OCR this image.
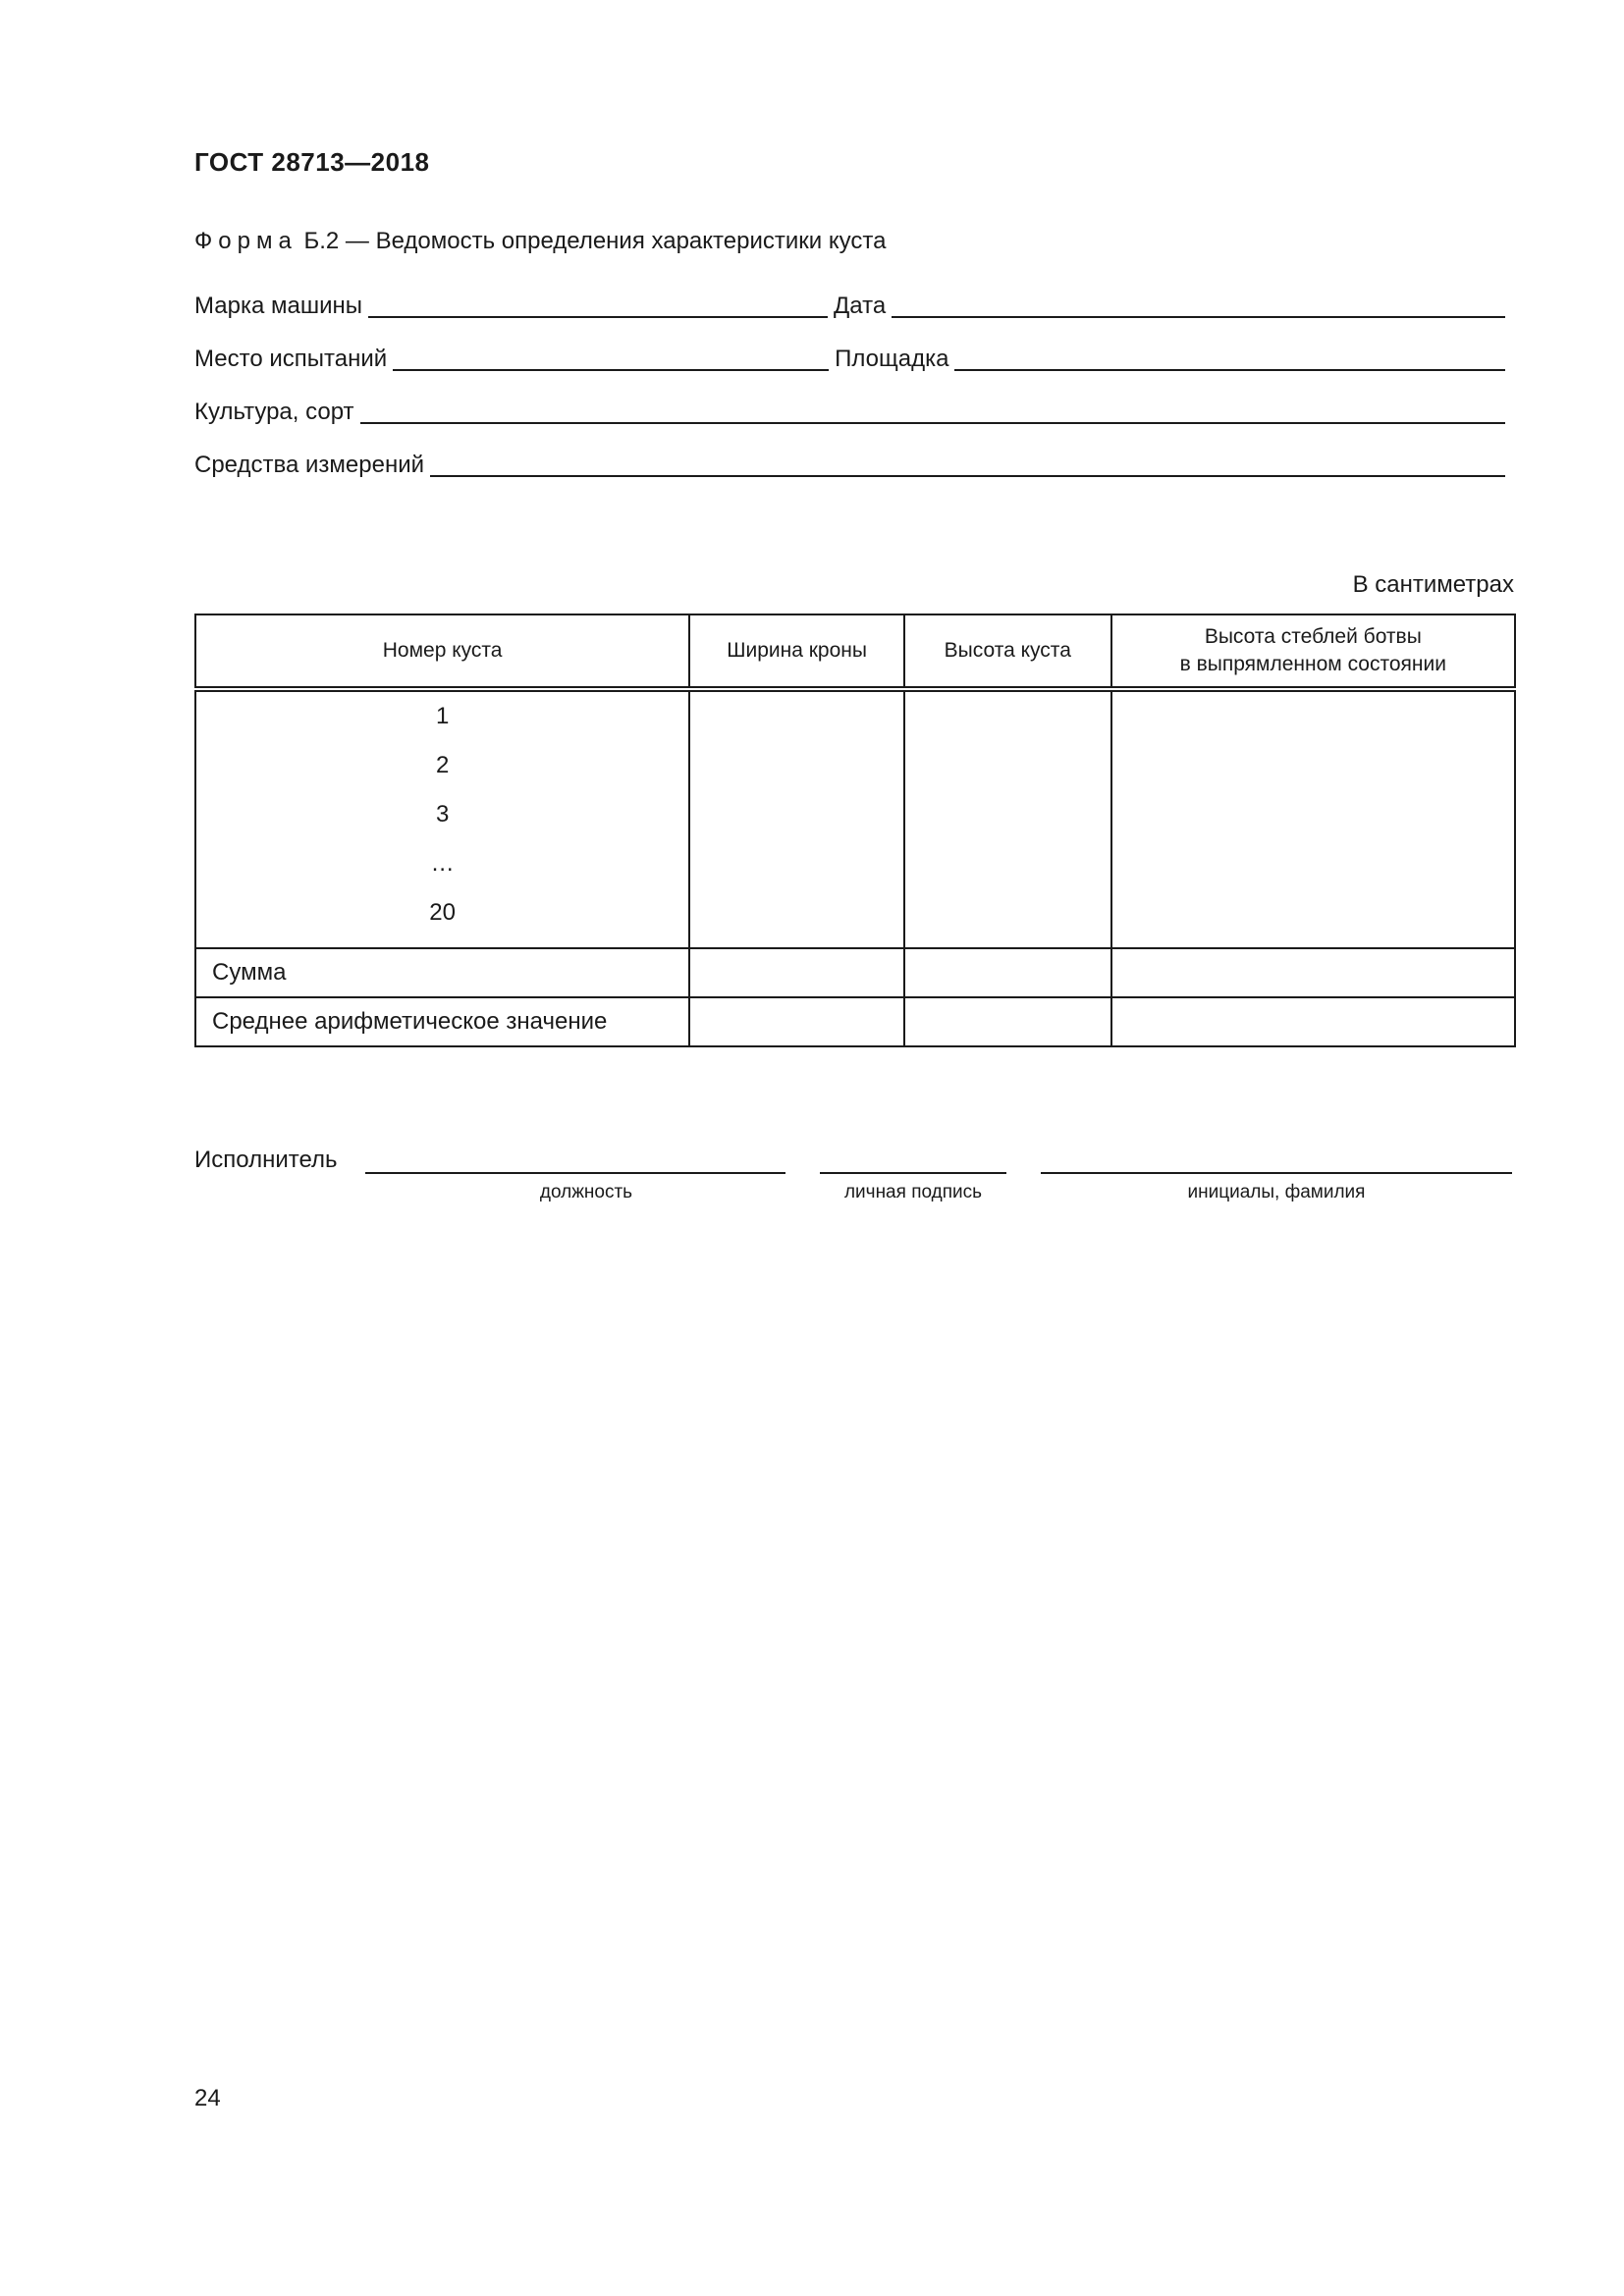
ГОСТ 28713—2018
Форма Б.2 — Ведомость определения характеристики куста
Марка машины	Дата
Место испытаний	Площадка
Культура, сорт
Средства измерений
В сантиметрах
Номер куста	Ширина кроны	Высота куста	Высота стеблей ботвы
в выпрямленном состоянии

1
2
3
…
20			

Сумма			
Среднее арифметическое значение			
Исполнитель
должность	личная подпись	инициалы, фамилия
24
